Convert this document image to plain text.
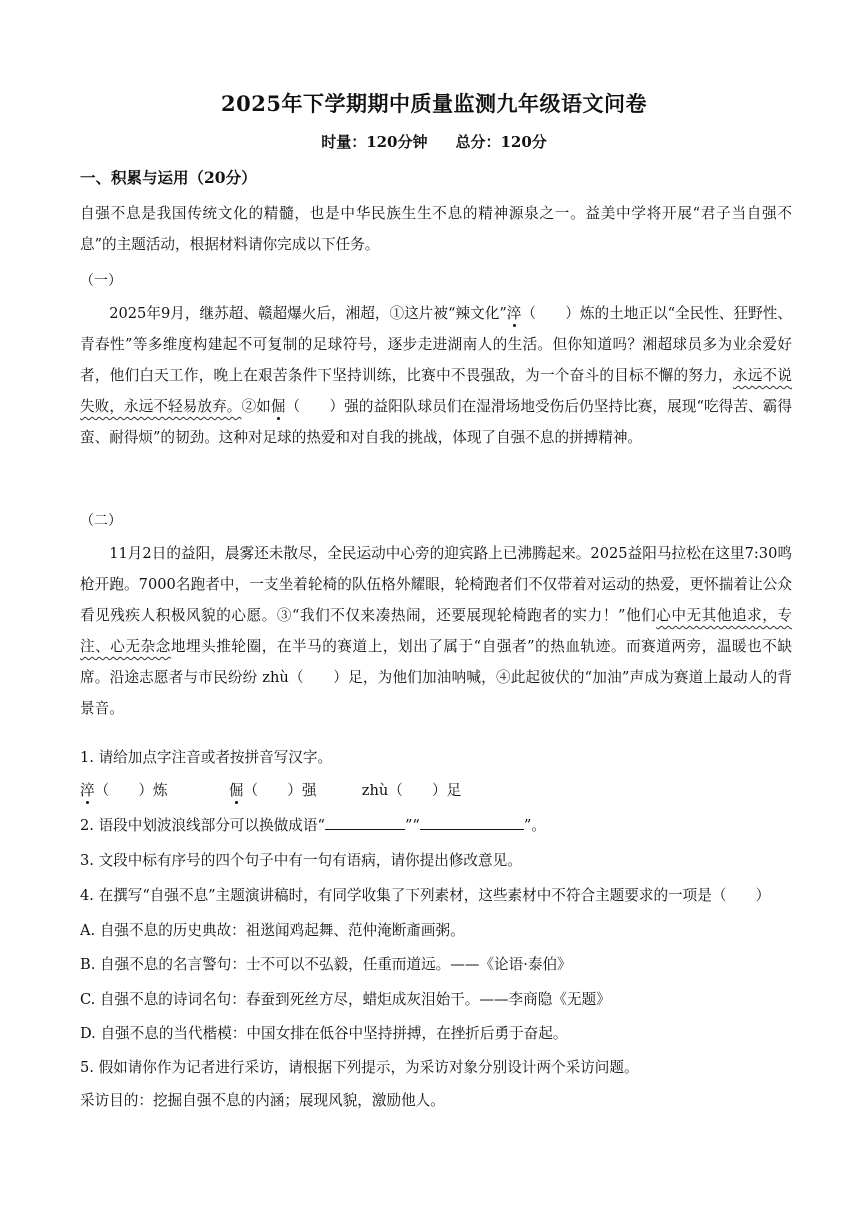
2025年下学期期中质量监测九年级语文问卷
时量：120分钟 总分：120分
一、积累与运用（20分）
自强不息是我国传统文化的精髓，也是中华民族生生不息的精神源泉之一。益美中学将开展“君子当自强不息”的主题活动，根据材料请你完成以下任务。
（一）
2025年9月，继苏超、赣超爆火后，湘超，①这片被“辣文化”淬（　　）炼的土地正以“全民性、狂野性、青春性”等多维度构建起不可复制的足球符号，逐步走进湖南人的生活。但你知道吗？湘超球员多为业余爱好者，他们白天工作，晚上在艰苦条件下坚持训练，比赛中不畏强敌，为一个奋斗的目标不懈的努力，永远不说失败，永远不轻易放弃。②如倔（　　）强的益阳队球员们在湿滑场地受伤后仍坚持比赛，展现“吃得苦、霸得蛮、耐得烦”的韧劲。这种对足球的热爱和对自我的挑战，体现了自强不息的拼搏精神。
（二）
11月2日的益阳，晨雾还未散尽，全民运动中心旁的迎宾路上已沸腾起来。2025益阳马拉松在这里7:30鸣枪开跑。7000名跑者中，一支坐着轮椅的队伍格外耀眼，轮椅跑者们不仅带着对运动的热爱，更怀揣着让公众看见残疾人积极风貌的心愿。③“我们不仅来凑热闹，还要展现轮椅跑者的实力！”他们心中无其他追求，专注、心无杂念地埋头推轮圈，在半马的赛道上，划出了属于“自强者”的热血轨迹。而赛道两旁，温暖也不缺席。沿途志愿者与市民纷纷 zhù（　　）足，为他们加油呐喊，④此起彼伏的“加油”声成为赛道上最动人的背景音。
1. 请给加点字注音或者按拼音写汉字。
淬（　　）炼	倔（　　）强	zhù（　　）足
2. 语段中划波浪线部分可以换做成语“	”“	”。
3. 文段中标有序号的四个句子中有一句有语病，请你提出修改意见。
4. 在撰写“自强不息”主题演讲稿时，有同学收集了下列素材，这些素材中不符合主题要求的一项是（　　）
A. 自强不息的历史典故：祖逖闻鸡起舞、范仲淹断齑画粥。
B. 自强不息的名言警句：士不可以不弘毅，任重而道远。——《论语·泰伯》
C. 自强不息的诗词名句：春蚕到死丝方尽，蜡炬成灰泪始干。——李商隐《无题》
D. 自强不息的当代楷模：中国女排在低谷中坚持拼搏，在挫折后勇于奋起。
5. 假如请你作为记者进行采访，请根据下列提示，为采访对象分别设计两个采访问题。
采访目的：挖掘自强不息的内涵；展现风貌，激励他人。
